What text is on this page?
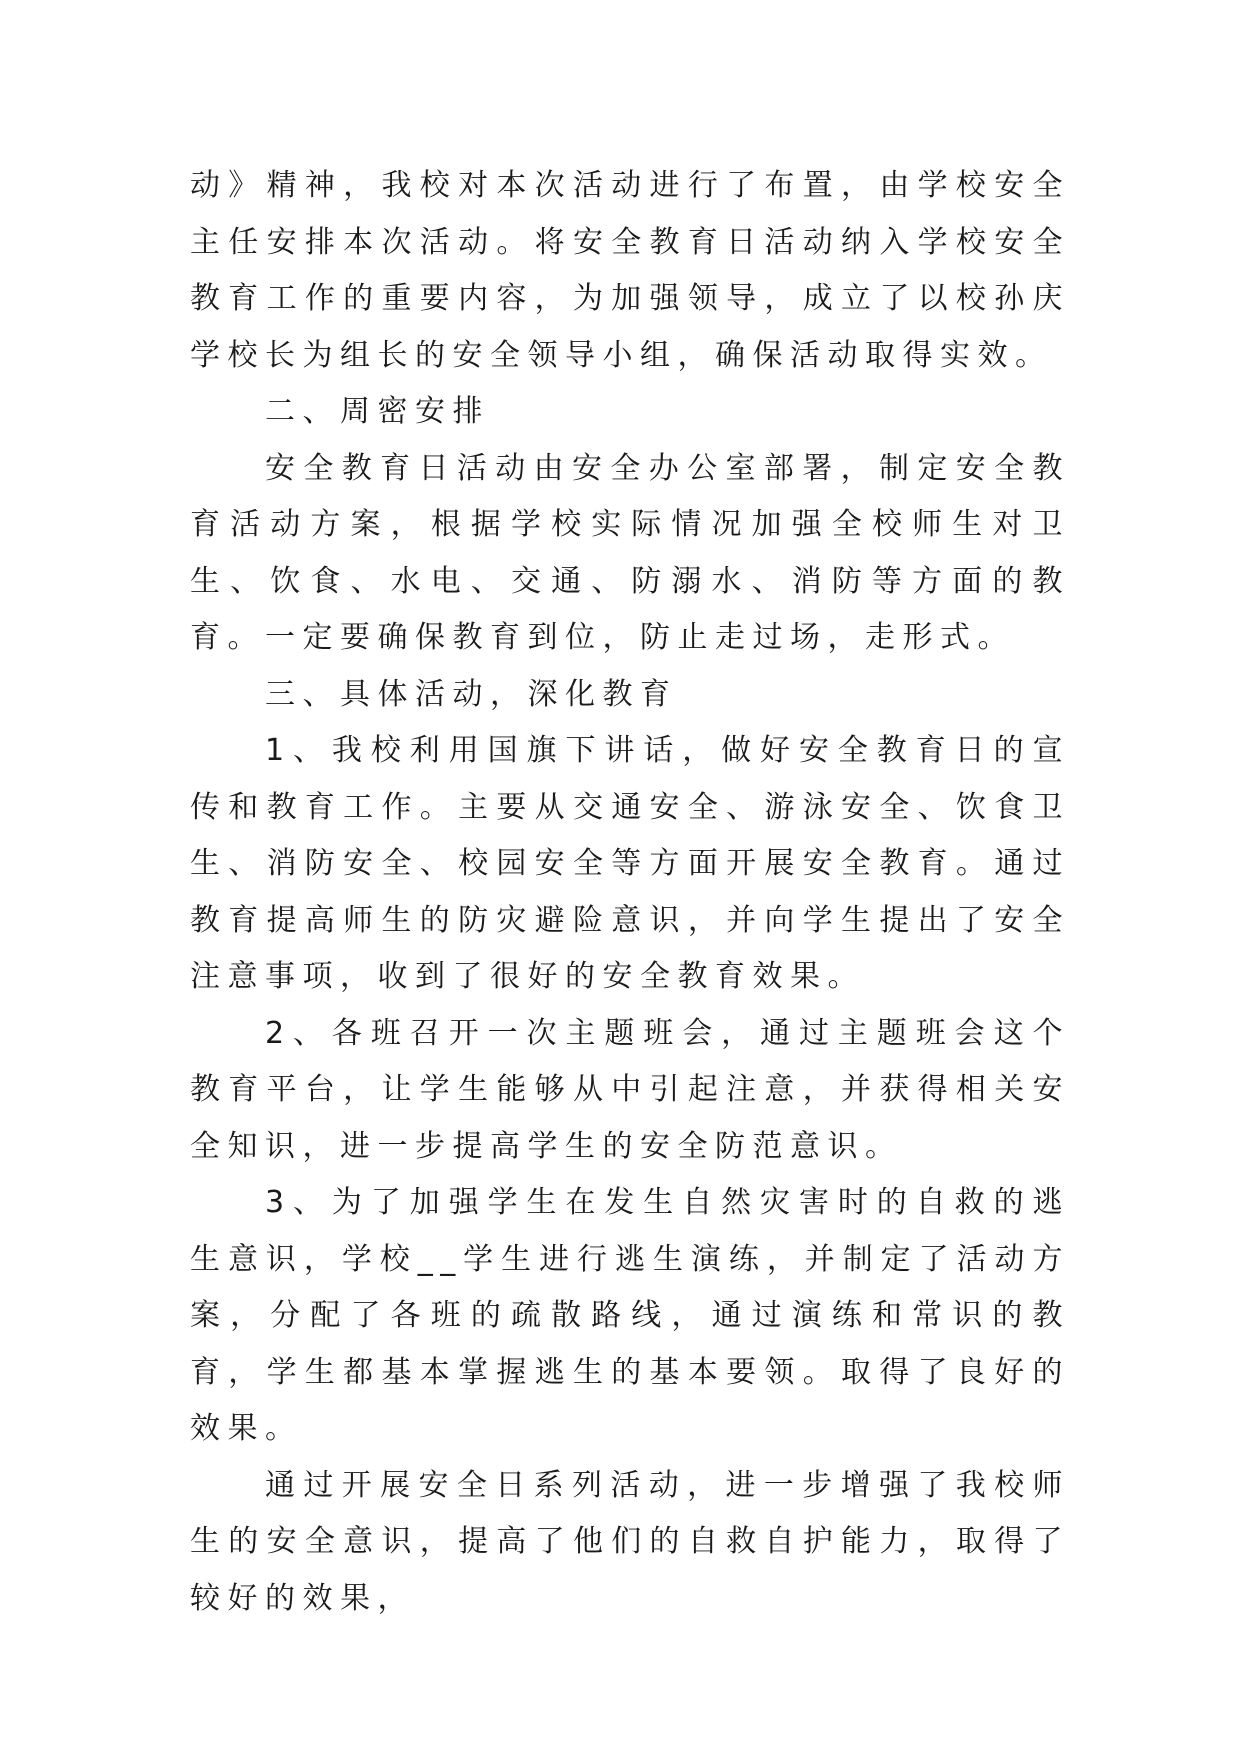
动》精神，我校对本次活动进行了布置，由学校安全主任安排本次活动。将安全教育日活动纳入学校安全教育工作的重要内容，为加强领导，成立了以校孙庆学校长为组长的安全领导小组，确保活动取得实效。

二、周密安排

安全教育日活动由安全办公室部署，制定安全教育活动方案，根据学校实际情况加强全校师生对卫生、饮食、水电、交通、防溺水、消防等方面的教育。一定要确保教育到位，防止走过场，走形式。

三、具体活动，深化教育

1、我校利用国旗下讲话，做好安全教育日的宣传和教育工作。主要从交通安全、游泳安全、饮食卫生、消防安全、校园安全等方面开展安全教育。通过教育提高师生的防灾避险意识，并向学生提出了安全注意事项，收到了很好的安全教育效果。

2、各班召开一次主题班会，通过主题班会这个教育平台，让学生能够从中引起注意，并获得相关安全知识，进一步提高学生的安全防范意识。

3、为了加强学生在发生自然灾害时的自救的逃生意识，学校__学生进行逃生演练，并制定了活动方案，分配了各班的疏散路线，通过演练和常识的教育，学生都基本掌握逃生的基本要领。取得了良好的效果。

通过开展安全日系列活动，进一步增强了我校师生的安全意识，提高了他们的自救自护能力，取得了较好的效果，
